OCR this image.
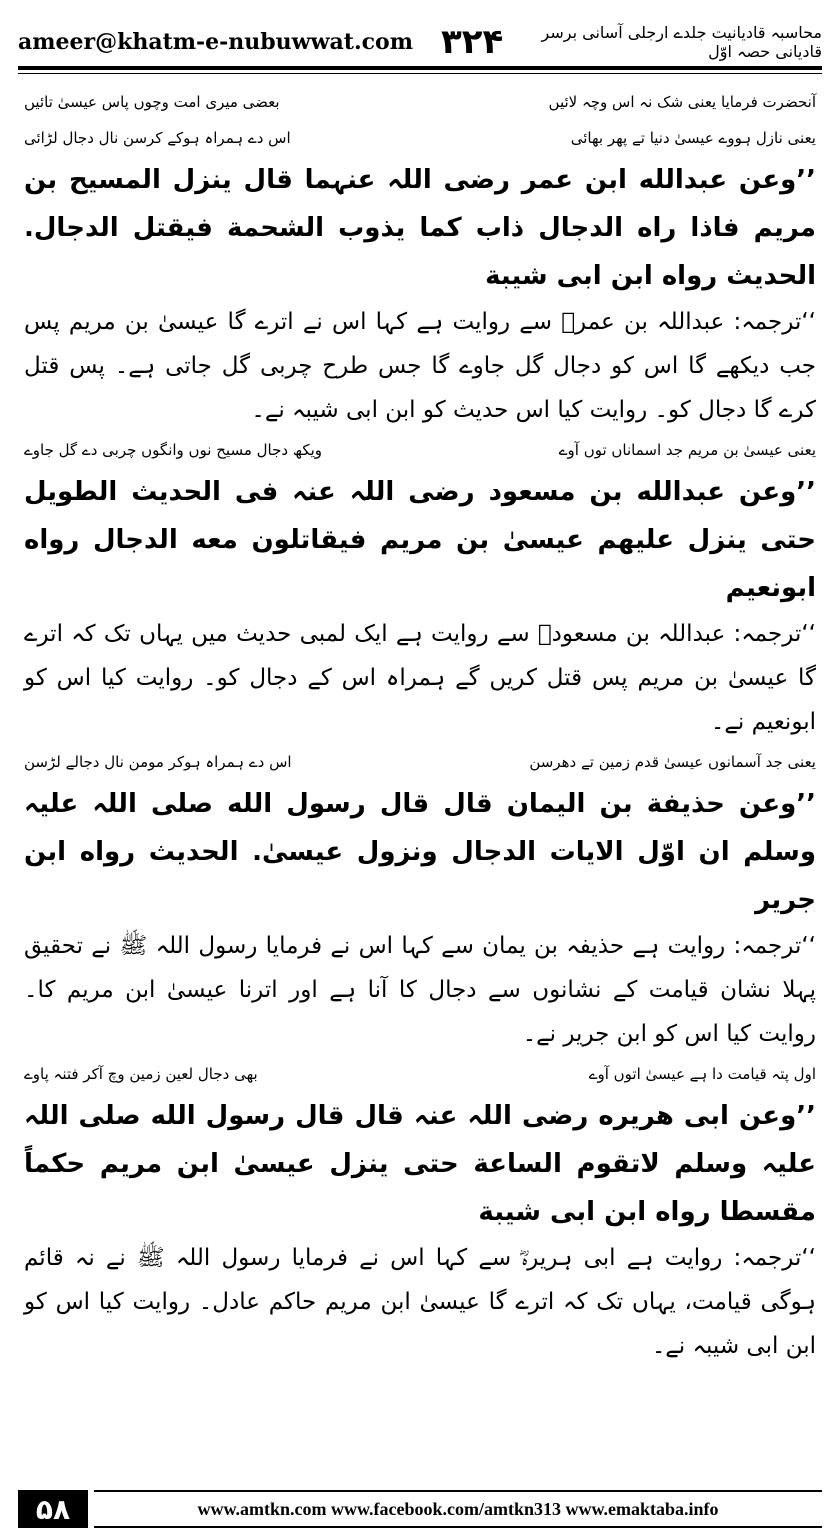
ameer@khatm-e-nubuwwat.com ۳۲۴	محاسبہ قادیانیت جلدے ارجلی آسانی برسر قادیانی حصہ اوّل
آنحضرت فرمایا یعنی شک نہ اس وچہ لائیں
بعضی میری امت وچوں پاس عیسیٰ تائیں
یعنی نازل ہووے عیسیٰ دنیا تے پھر بھائی
اس دے ہمراہ ہوکے کرسن نال دجال لڑائی

’’وعن عبدالله ابن عمر رضی اللہ عنہما قال ینزل المسیح بن مریم فاذا راه الدجال ذاب کما یذوب الشحمة فیقتل الدجال. الحدیث رواه ابن ابی شیبة

‘‘ترجمہ: عبداللہ بن عمرؓ سے روایت ہے کہا اس نے اترے گا عیسیٰ بن مریم پس جب دیکھے گا اس کو دجال گل جاوے گا جس طرح چربی گل جاتی ہے۔ پس قتل کرے گا دجال کو۔ روایت کیا اس حدیث کو ابن ابی شیبہ نے۔

یعنی عیسیٰ بن مریم جد اسماناں توں آوے
ویکھ دجال مسیح نوں وانگوں چربی دے گل جاوے

’’وعن عبدالله بن مسعود رضی اللہ عنہ فی الحدیث الطویل حتی ینزل علیهم عیسیٰ بن مریم فیقاتلون معه الدجال رواه ابونعیم

‘‘ترجمہ: عبداللہ بن مسعودؓ سے روایت ہے ایک لمبی حدیث میں یہاں تک کہ اترے گا عیسیٰ بن مریم پس قتل کریں گے ہمراہ اس کے دجال کو۔ روایت کیا اس کو ابونعیم نے۔

یعنی جد آسمانوں عیسیٰ قدم زمین تے دھرسن
اس دے ہمراہ ہوکر مومن نال دجالے لڑسن

’’وعن حذیفة بن الیمان قال قال رسول الله صلی اللہ علیہ وسلم ان اوّل الایات الدجال ونزول عیسیٰ. الحدیث رواه ابن جریر

‘‘ترجمہ: روایت ہے حذیفہ بن یمان سے کہا اس نے فرمایا رسول اللہ ﷺ نے تحقیق پہلا نشان قیامت کے نشانوں سے دجال کا آنا ہے اور اترنا عیسیٰ ابن مریم کا۔ روایت کیا اس کو ابن جریر نے۔

اول پتہ قیامت دا ہے عیسیٰ اتوں آوے
بھی دجال لعین زمین وچ آکر فتنہ پاوے

’’وعن ابی هریره رضی اللہ عنہ قال قال رسول الله صلی اللہ علیہ وسلم لاتقوم الساعة حتی ینزل عیسیٰ ابن مریم حکماً مقسطا رواه ابن ابی شیبة

‘‘ترجمہ: روایت ہے ابی ہریرہؓ سے کہا اس نے فرمایا رسول اللہ ﷺ نے نہ قائم ہوگی قیامت، یہاں تک کہ اترے گا عیسیٰ ابن مریم حاکم عادل۔ روایت کیا اس کو ابن ابی شیبہ نے۔

۵۸	www.amtkn.com www.facebook.com/amtkn313 www.emaktaba.info
